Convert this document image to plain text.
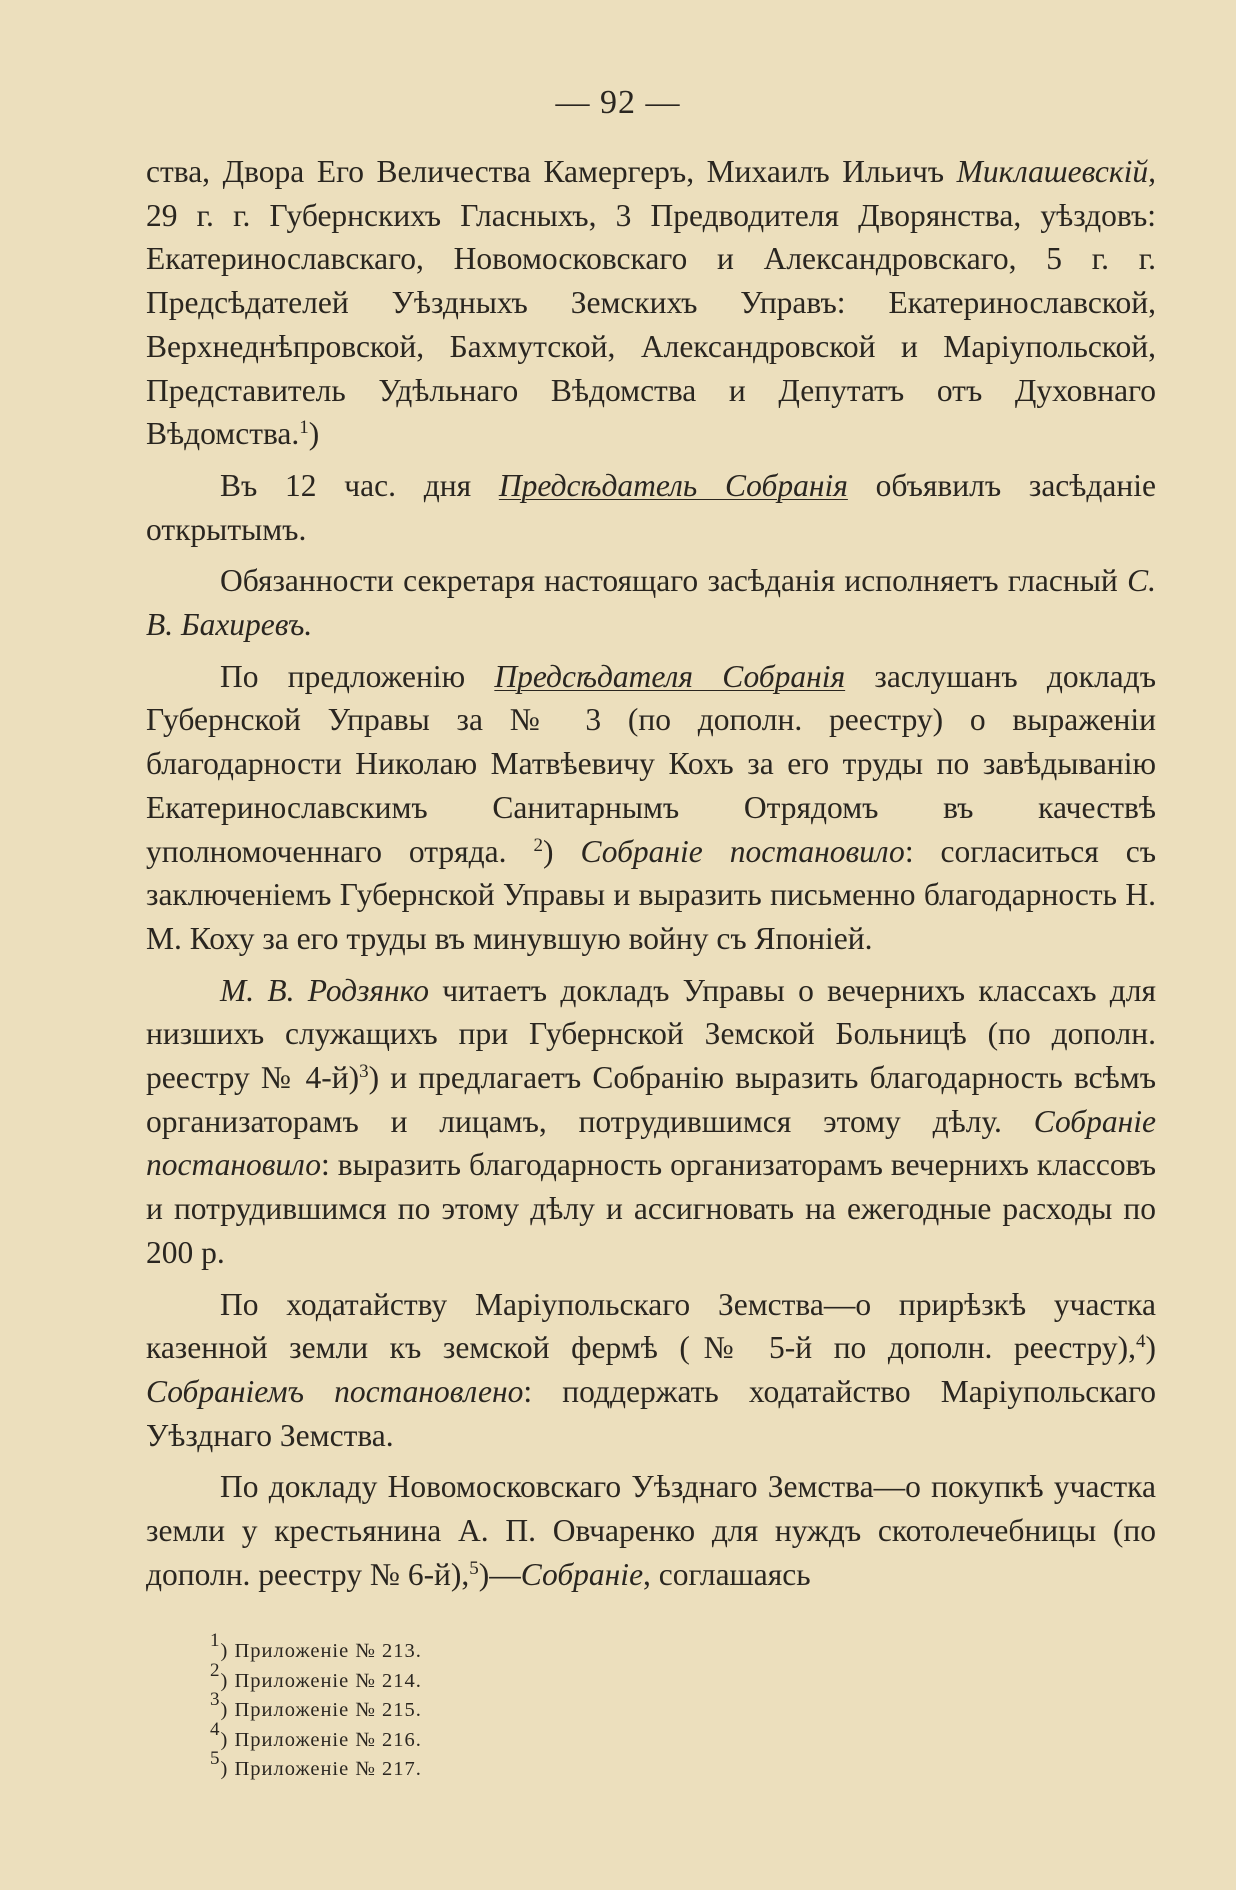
— 92 —

ства, Двора Его Величества Камергеръ, Михаилъ Ильичъ Миклашевскій, 29 г. г. Губернскихъ Гласныхъ, 3 Предводителя Дворянства, уѣздовъ: Екатеринославскаго, Новомосковскаго и Александровскаго, 5 г. г. Предсѣдателей Уѣздныхъ Земскихъ Управъ: Екатеринославской, Верхнеднѣпровской, Бахмутской, Александровской и Маріупольской, Представитель Удѣльнаго Вѣдомства и Депутатъ отъ Духовнаго Вѣдомства.$^1$)

Въ 12 час. дня Предсѣдатель Собранія объявилъ засѣданіе открытымъ.

Обязанности секретаря настоящаго засѣданія исполняетъ гласный С. В. Бахиревъ.

По предложенію Предсѣдателя Собранія заслушанъ докладъ Губернской Управы за № 3 (по дополн. реестру) о выраженіи благодарности Николаю Матвѣевичу Кохъ за его труды по завѣдыванію Екатеринославскимъ Санитарнымъ Отрядомъ въ качествѣ уполномоченнаго отряда. $^2$) Собраніе постановило: согласиться съ заключеніемъ Губернской Управы и выразить письменно благодарность Н. М. Коху за его труды въ минувшую войну съ Японіей.

М. В. Родзянко читаетъ докладъ Управы о вечернихъ классахъ для низшихъ служащихъ при Губернской Земской Больницѣ (по дополн. реестру № 4-й)$^3$) и предлагаетъ Собранію выразить благодарность всѣмъ организаторамъ и лицамъ, потрудившимся этому дѣлу. Собраніе постановило: выразить благодарность организаторамъ вечернихъ классовъ и потрудившимся по этому дѣлу и ассигновать на ежегодные расходы по 200 р.

По ходатайству Маріупольскаго Земства—о прирѣзкѣ участка казенной земли къ земской фермѣ (№ 5-й по дополн. реестру),$^4$) Собраніемъ постановлено: поддержать ходатайство Маріупольскаго Уѣзднаго Земства.

По докладу Новомосковскаго Уѣзднаго Земства—о покупкѣ участка земли у крестьянина А. П. Овчаренко для нуждъ скотолечебницы (по дополн. реестру № 6-й),$^5$)—Собраніе, соглашаясь

$^1$) Приложеніе № 213.
$^2$) Приложеніе № 214.
$^3$) Приложеніе № 215.
$^4$) Приложеніе № 216.
$^5$) Приложеніе № 217.
